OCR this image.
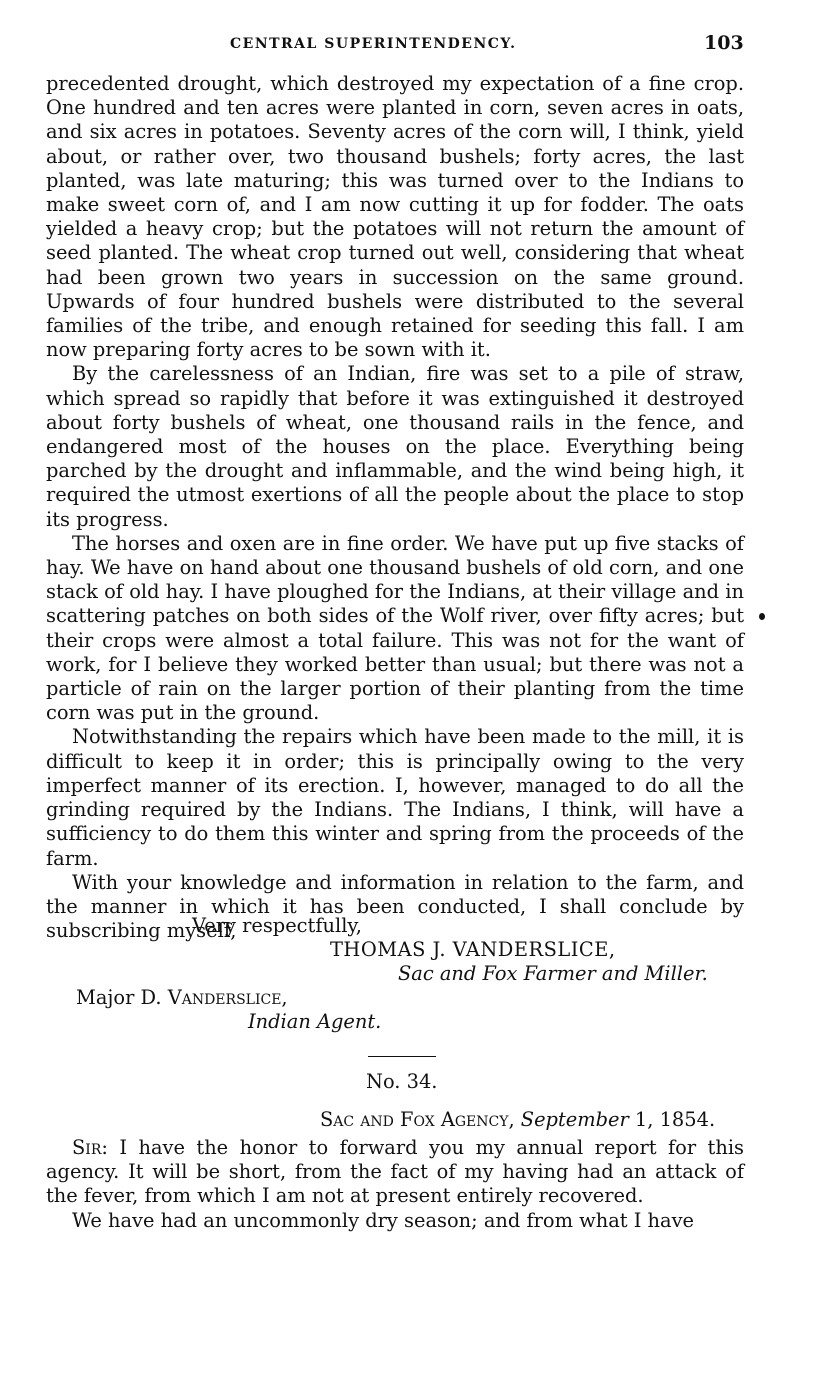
CENTRAL SUPERINTENDENCY.	103

precedented drought, which destroyed my expectation of a fine crop. One hundred and ten acres were planted in corn, seven acres in oats, and six acres in potatoes. Seventy acres of the corn will, I think, yield about, or rather over, two thousand bushels; forty acres, the last planted, was late maturing; this was turned over to the Indians to make sweet corn of, and I am now cutting it up for fodder. The oats yielded a heavy crop; but the potatoes will not return the amount of seed planted. The wheat crop turned out well, considering that wheat had been grown two years in succession on the same ground. Upwards of four hundred bushels were distributed to the several families of the tribe, and enough retained for seeding this fall. I am now preparing forty acres to be sown with it.

By the carelessness of an Indian, fire was set to a pile of straw, which spread so rapidly that before it was extinguished it destroyed about forty bushels of wheat, one thousand rails in the fence, and endangered most of the houses on the place. Everything being parched by the drought and inflammable, and the wind being high, it required the utmost exertions of all the people about the place to stop its progress.

The horses and oxen are in fine order. We have put up five stacks of hay. We have on hand about one thousand bushels of old corn, and one stack of old hay. I have ploughed for the Indians, at their village and in scattering patches on both sides of the Wolf river, over fifty acres; but their crops were almost a total failure. This was not for the want of work, for I believe they worked better than usual; but there was not a particle of rain on the larger portion of their planting from the time corn was put in the ground.

Notwithstanding the repairs which have been made to the mill, it is difficult to keep it in order; this is principally owing to the very imperfect manner of its erection. I, however, managed to do all the grinding required by the Indians. The Indians, I think, will have a sufficiency to do them this winter and spring from the proceeds of the farm.

With your knowledge and information in relation to the farm, and the manner in which it has been conducted, I shall conclude by subscribing myself,

Very respectfully,
THOMAS J. VANDERSLICE,
Sac and Fox Farmer and Miller.
Major D. Vanderslice,
Indian Agent.
No. 34.
Sac and Fox Agency, September 1, 1854.

Sir: I have the honor to forward you my annual report for this agency. It will be short, from the fact of my having had an attack of the fever, from which I am not at present entirely recovered.

We have had an uncommonly dry season; and from what I have
